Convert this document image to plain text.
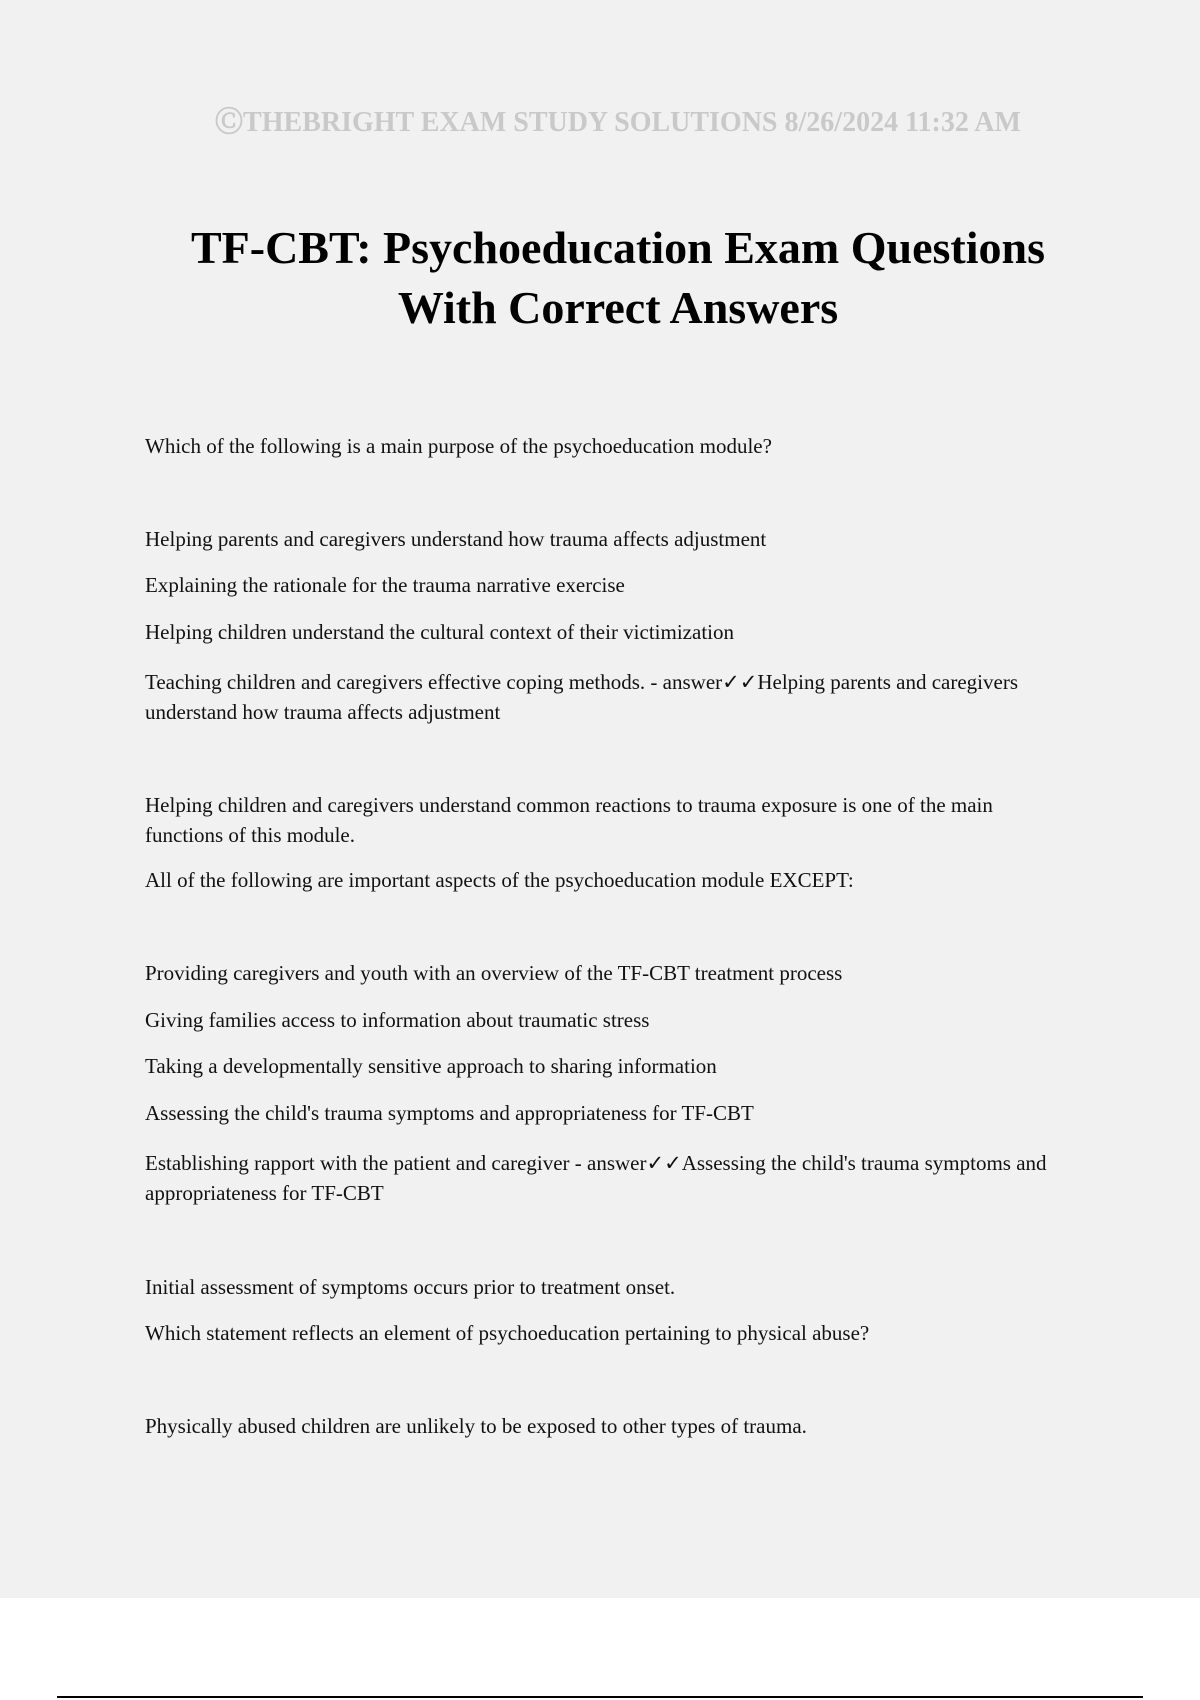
ⒸTHEBRIGHT EXAM STUDY SOLUTIONS 8/26/2024 11:32 AM
TF-CBT: Psychoeducation Exam Questions
With Correct Answers
Which of the following is a main purpose of the psychoeducation module?
Helping parents and caregivers understand how trauma affects adjustment
Explaining the rationale for the trauma narrative exercise
Helping children understand the cultural context of their victimization
Teaching children and caregivers effective coping methods. - answer✓✓Helping parents and caregivers understand how trauma affects adjustment
Helping children and caregivers understand common reactions to trauma exposure is one of the main functions of this module.
All of the following are important aspects of the psychoeducation module EXCEPT:
Providing caregivers and youth with an overview of the TF-CBT treatment process
Giving families access to information about traumatic stress
Taking a developmentally sensitive approach to sharing information
Assessing the child's trauma symptoms and appropriateness for TF-CBT
Establishing rapport with the patient and caregiver - answer✓✓Assessing the child's trauma symptoms and appropriateness for TF-CBT
Initial assessment of symptoms occurs prior to treatment onset.
Which statement reflects an element of psychoeducation pertaining to physical abuse?
Physically abused children are unlikely to be exposed to other types of trauma.
